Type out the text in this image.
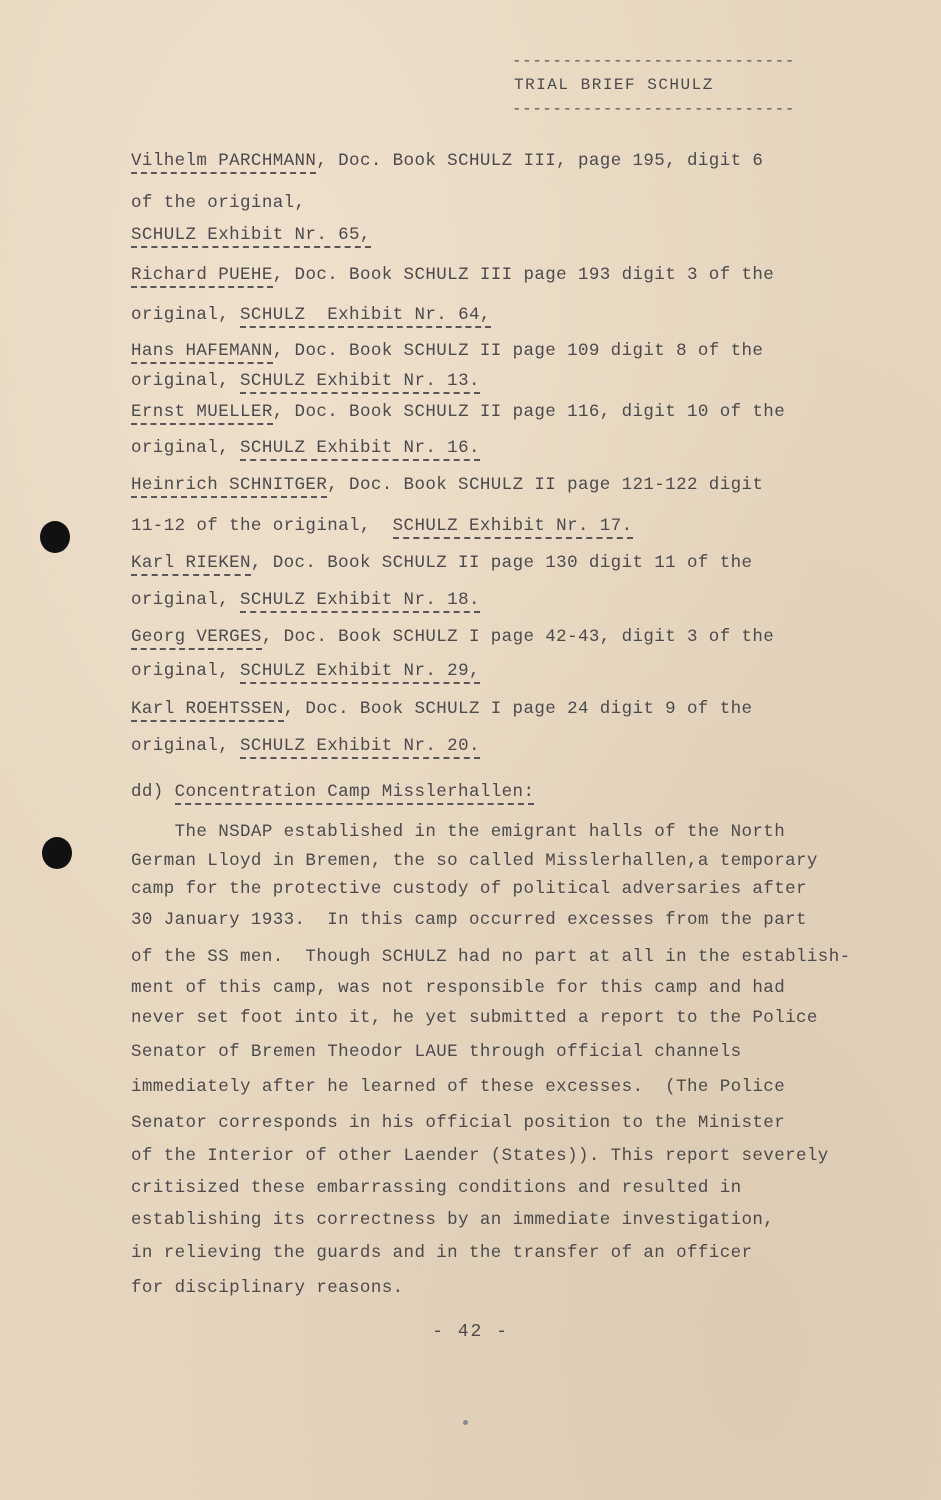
----------------------------
TRIAL BRIEF SCHULZ
----------------------------
Vilhelm PARCHMANN, Doc. Book SCHULZ III, page 195, digit 6
of the original,
SCHULZ Exhibit Nr. 65,
Richard PUEHE, Doc. Book SCHULZ III page 193 digit 3 of the
original, SCHULZ  Exhibit Nr. 64,
Hans HAFEMANN, Doc. Book SCHULZ II page 109 digit 8 of the
original, SCHULZ Exhibit Nr. 13.
Ernst MUELLER, Doc. Book SCHULZ II page 116, digit 10 of the
original, SCHULZ Exhibit Nr. 16.
Heinrich SCHNITGER, Doc. Book SCHULZ II page 121-122 digit
11-12 of the original,  SCHULZ Exhibit Nr. 17.
Karl RIEKEN, Doc. Book SCHULZ II page 130 digit 11 of the
original, SCHULZ Exhibit Nr. 18.
Georg VERGES, Doc. Book SCHULZ I page 42-43, digit 3 of the
original, SCHULZ Exhibit Nr. 29,
Karl ROEHTSSEN, Doc. Book SCHULZ I page 24 digit 9 of the
original, SCHULZ Exhibit Nr. 20.
dd) Concentration Camp Misslerhallen:
The NSDAP established in the emigrant halls of the North
German Lloyd in Bremen, the so called Misslerhallen,a temporary
camp for the protective custody of political adversaries after
30 January 1933.  In this camp occurred excesses from the part
of the SS men.  Though SCHULZ had no part at all in the establish-
ment of this camp, was not responsible for this camp and had
never set foot into it, he yet submitted a report to the Police
Senator of Bremen Theodor LAUE through official channels
immediately after he learned of these excesses.  (The Police
Senator corresponds in his official position to the Minister
of the Interior of other Laender (States)). This report severely
critisized these embarrassing conditions and resulted in
establishing its correctness by an immediate investigation,
in relieving the guards and in the transfer of an officer
for disciplinary reasons.
- 42 -
